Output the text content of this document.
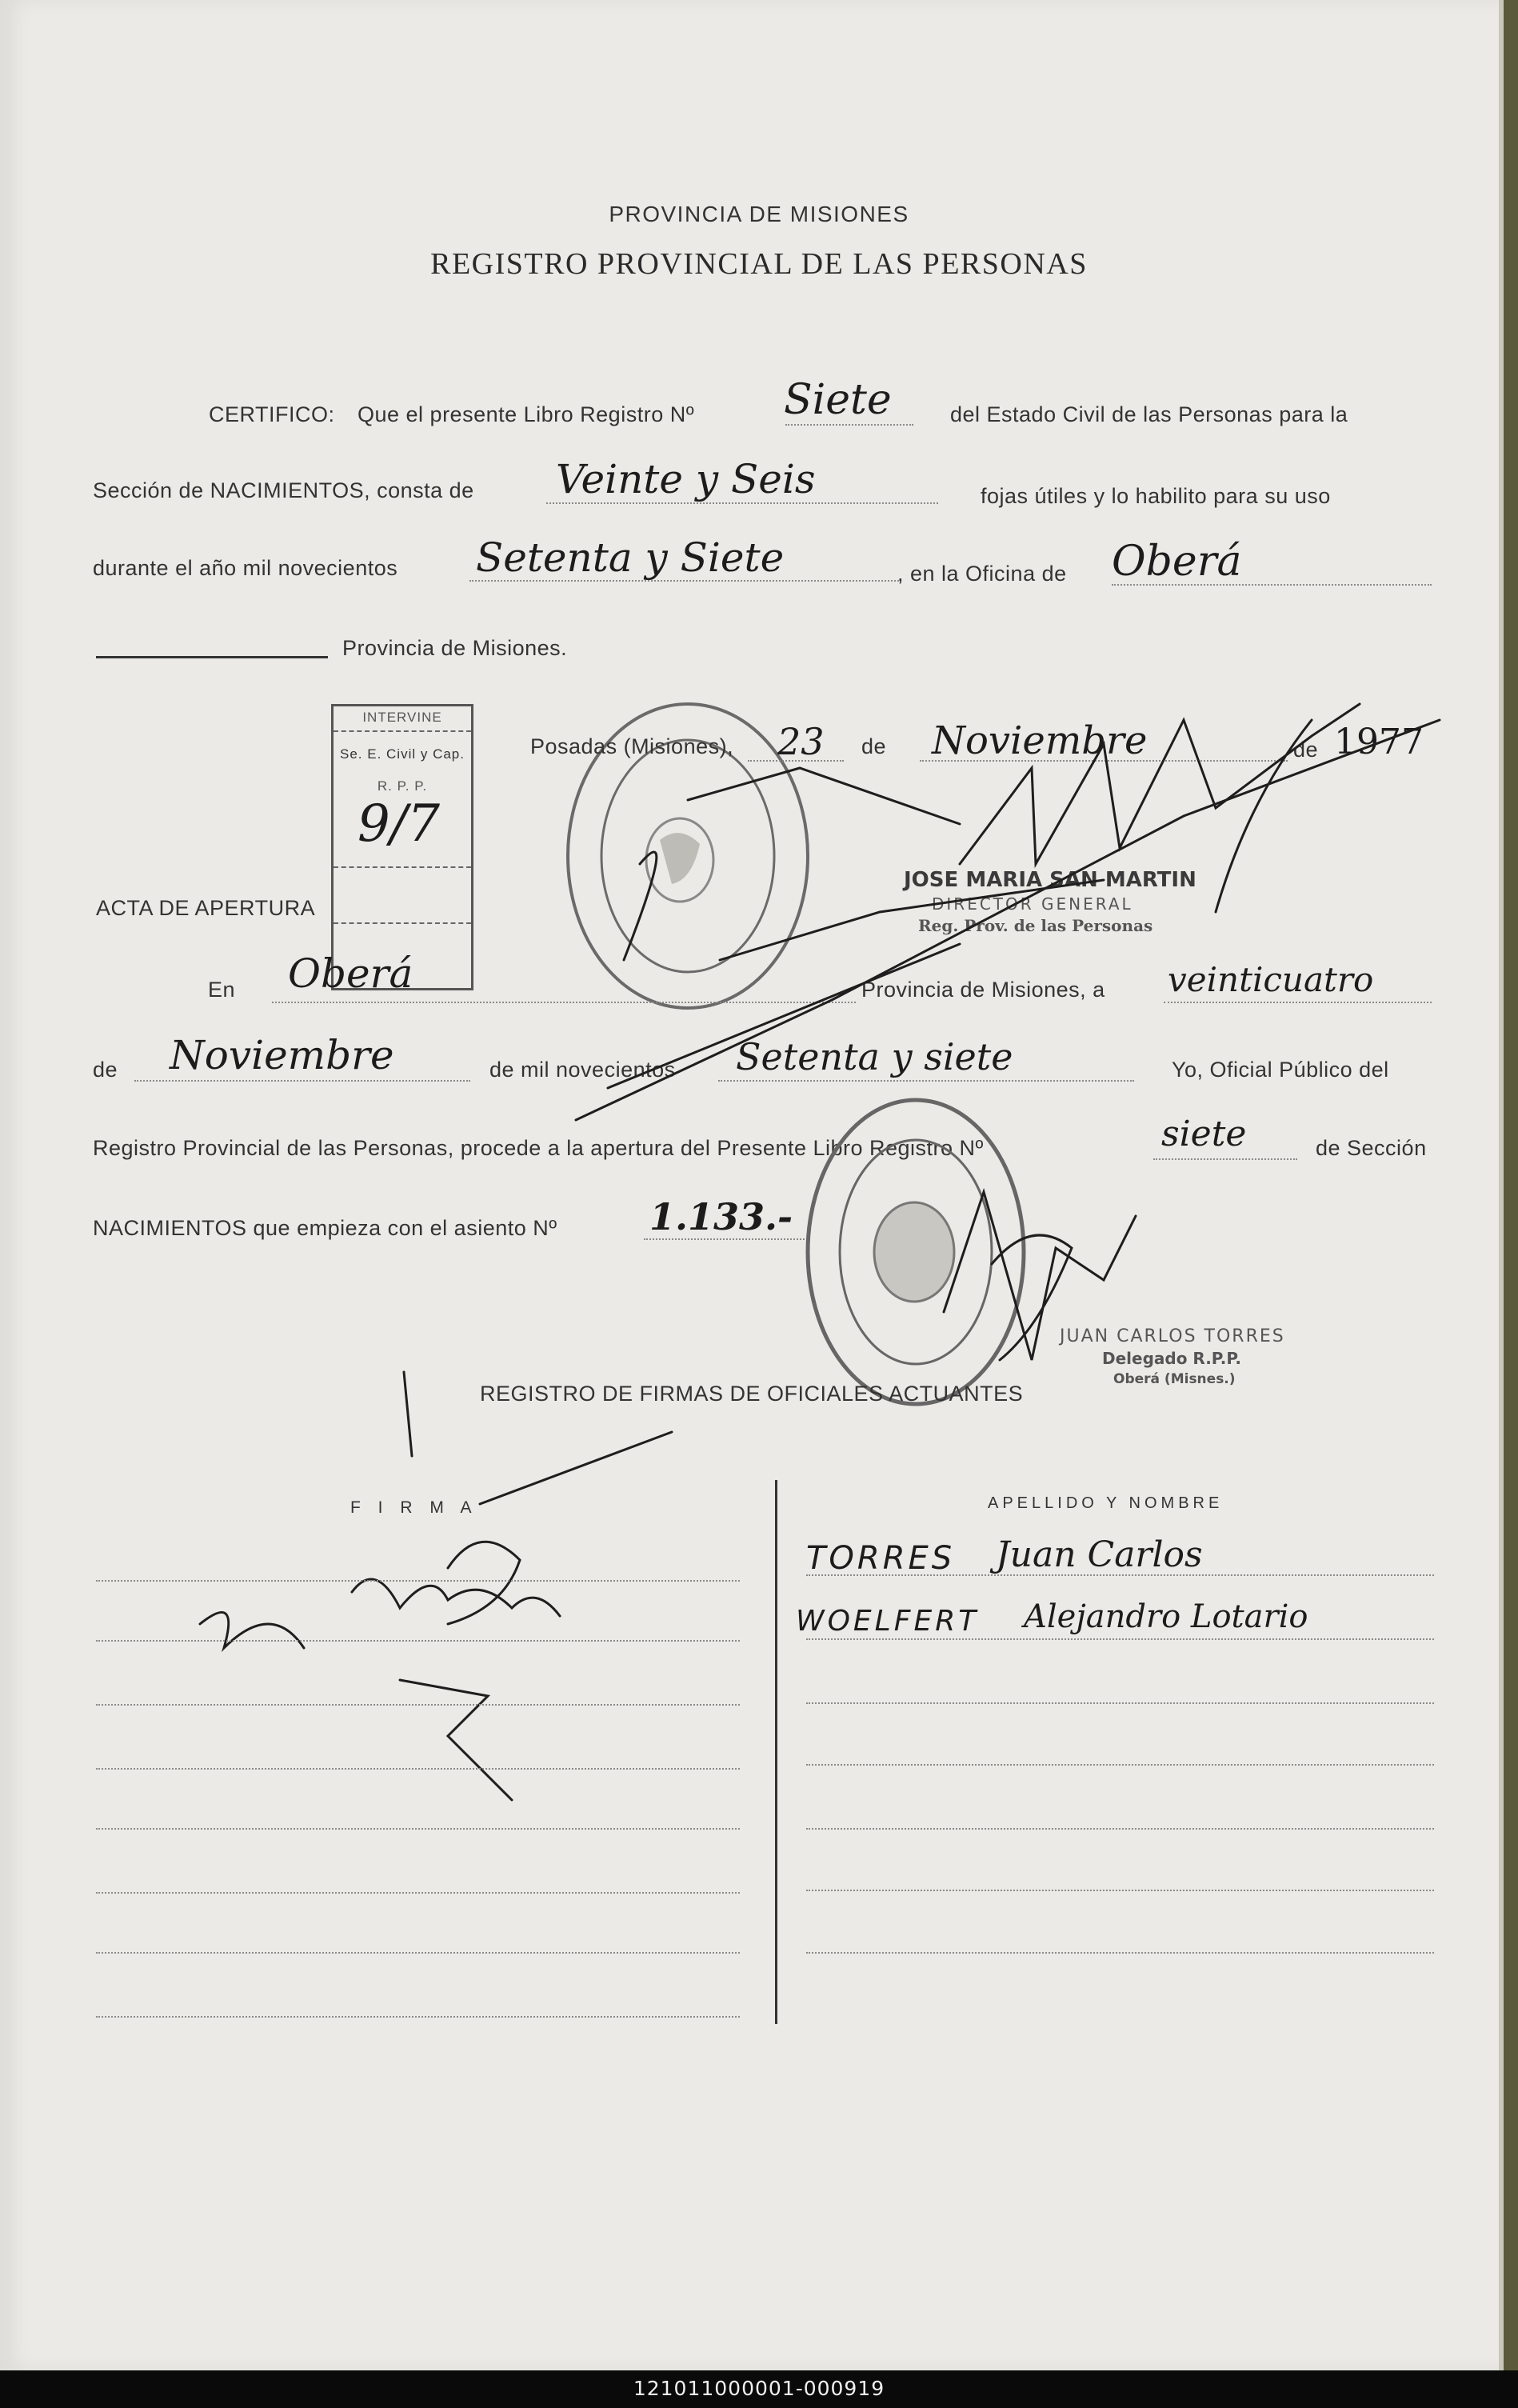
PROVINCIA DE MISIONES
REGISTRO PROVINCIAL DE LAS PERSONAS
CERTIFICO: Que el presente Libro Registro Nº Siete	del Estado Civil de las Personas para la
Sección de NACIMIENTOS, consta de Veinte y Seis	fojas útiles y lo habilito para su uso
durante el año mil novecientos Setenta y Siete	, en la Oficina de Oberá
Provincia de Misiones.
INTERVINE
Se. E. Civil y Cap.
R. P. P.
9/7
Posadas (Misiones), 23 de Noviembre	de 1977
JOSE MARIA SAN MARTIN
DIRECTOR GENERAL
Reg. Prov. de las Personas
ACTA DE APERTURA
En Oberá	Provincia de Misiones, a veinticuatro
de Noviembre	de mil novecientos Setenta y siete	Yo, Oficial Público del
Registro Provincial de las Personas, procede a la apertura del Presente Libro Registro Nº	siete	de Sección
NACIMIENTOS que empieza con el asiento Nº	1.133.-
JUAN CARLOS TORRES
Delegado R.P.P.
Oberá (Misnes.)
REGISTRO DE FIRMAS DE OFICIALES ACTUANTES
F I R M A	APELLIDO Y NOMBRE
TORRES Juan Carlos
WOELFERT Alejandro Lotario
121011000001-000919
